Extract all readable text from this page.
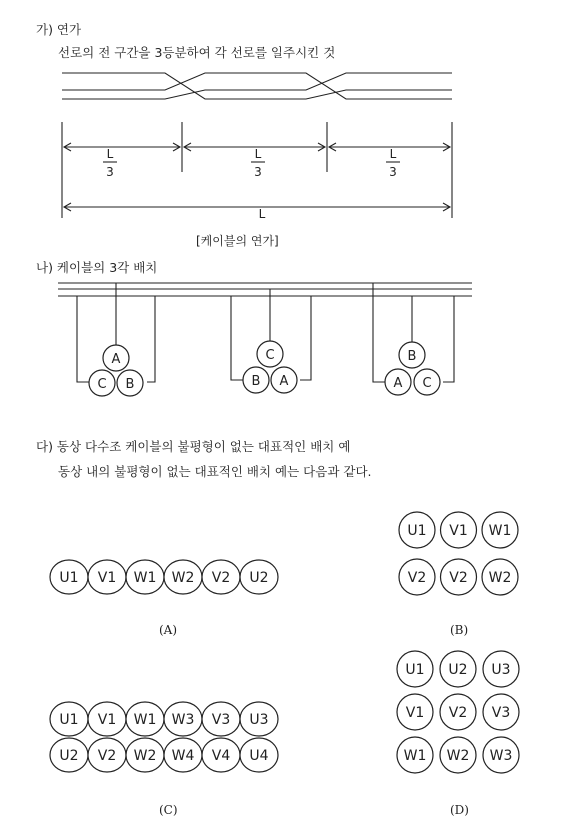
가) 연가
선로의 전 구간을 3등분하여 각 선로를 일주시킨 것
L
3
L
3
L
3
L
[케이블의 연가]
나) 케이블의 3각 배치
A
C B
C
B A
B
A C
다) 동상 다수조 케이블의 불평형이 없는 대표적인 배치 예
동상 내의 불평형이 없는 대표적인 배치 예는 다음과 같다.
U1 V1 W1 W2 V2 U2
U1 V1 W1
V2 V2 W2
U1 V1 W1 W3 V3 U3
U2 V2 W2 W4 V4 U4
U1 U2 U3
V1 V2 V3
W1 W2 W3
(A)	(B)
(C)	(D)
